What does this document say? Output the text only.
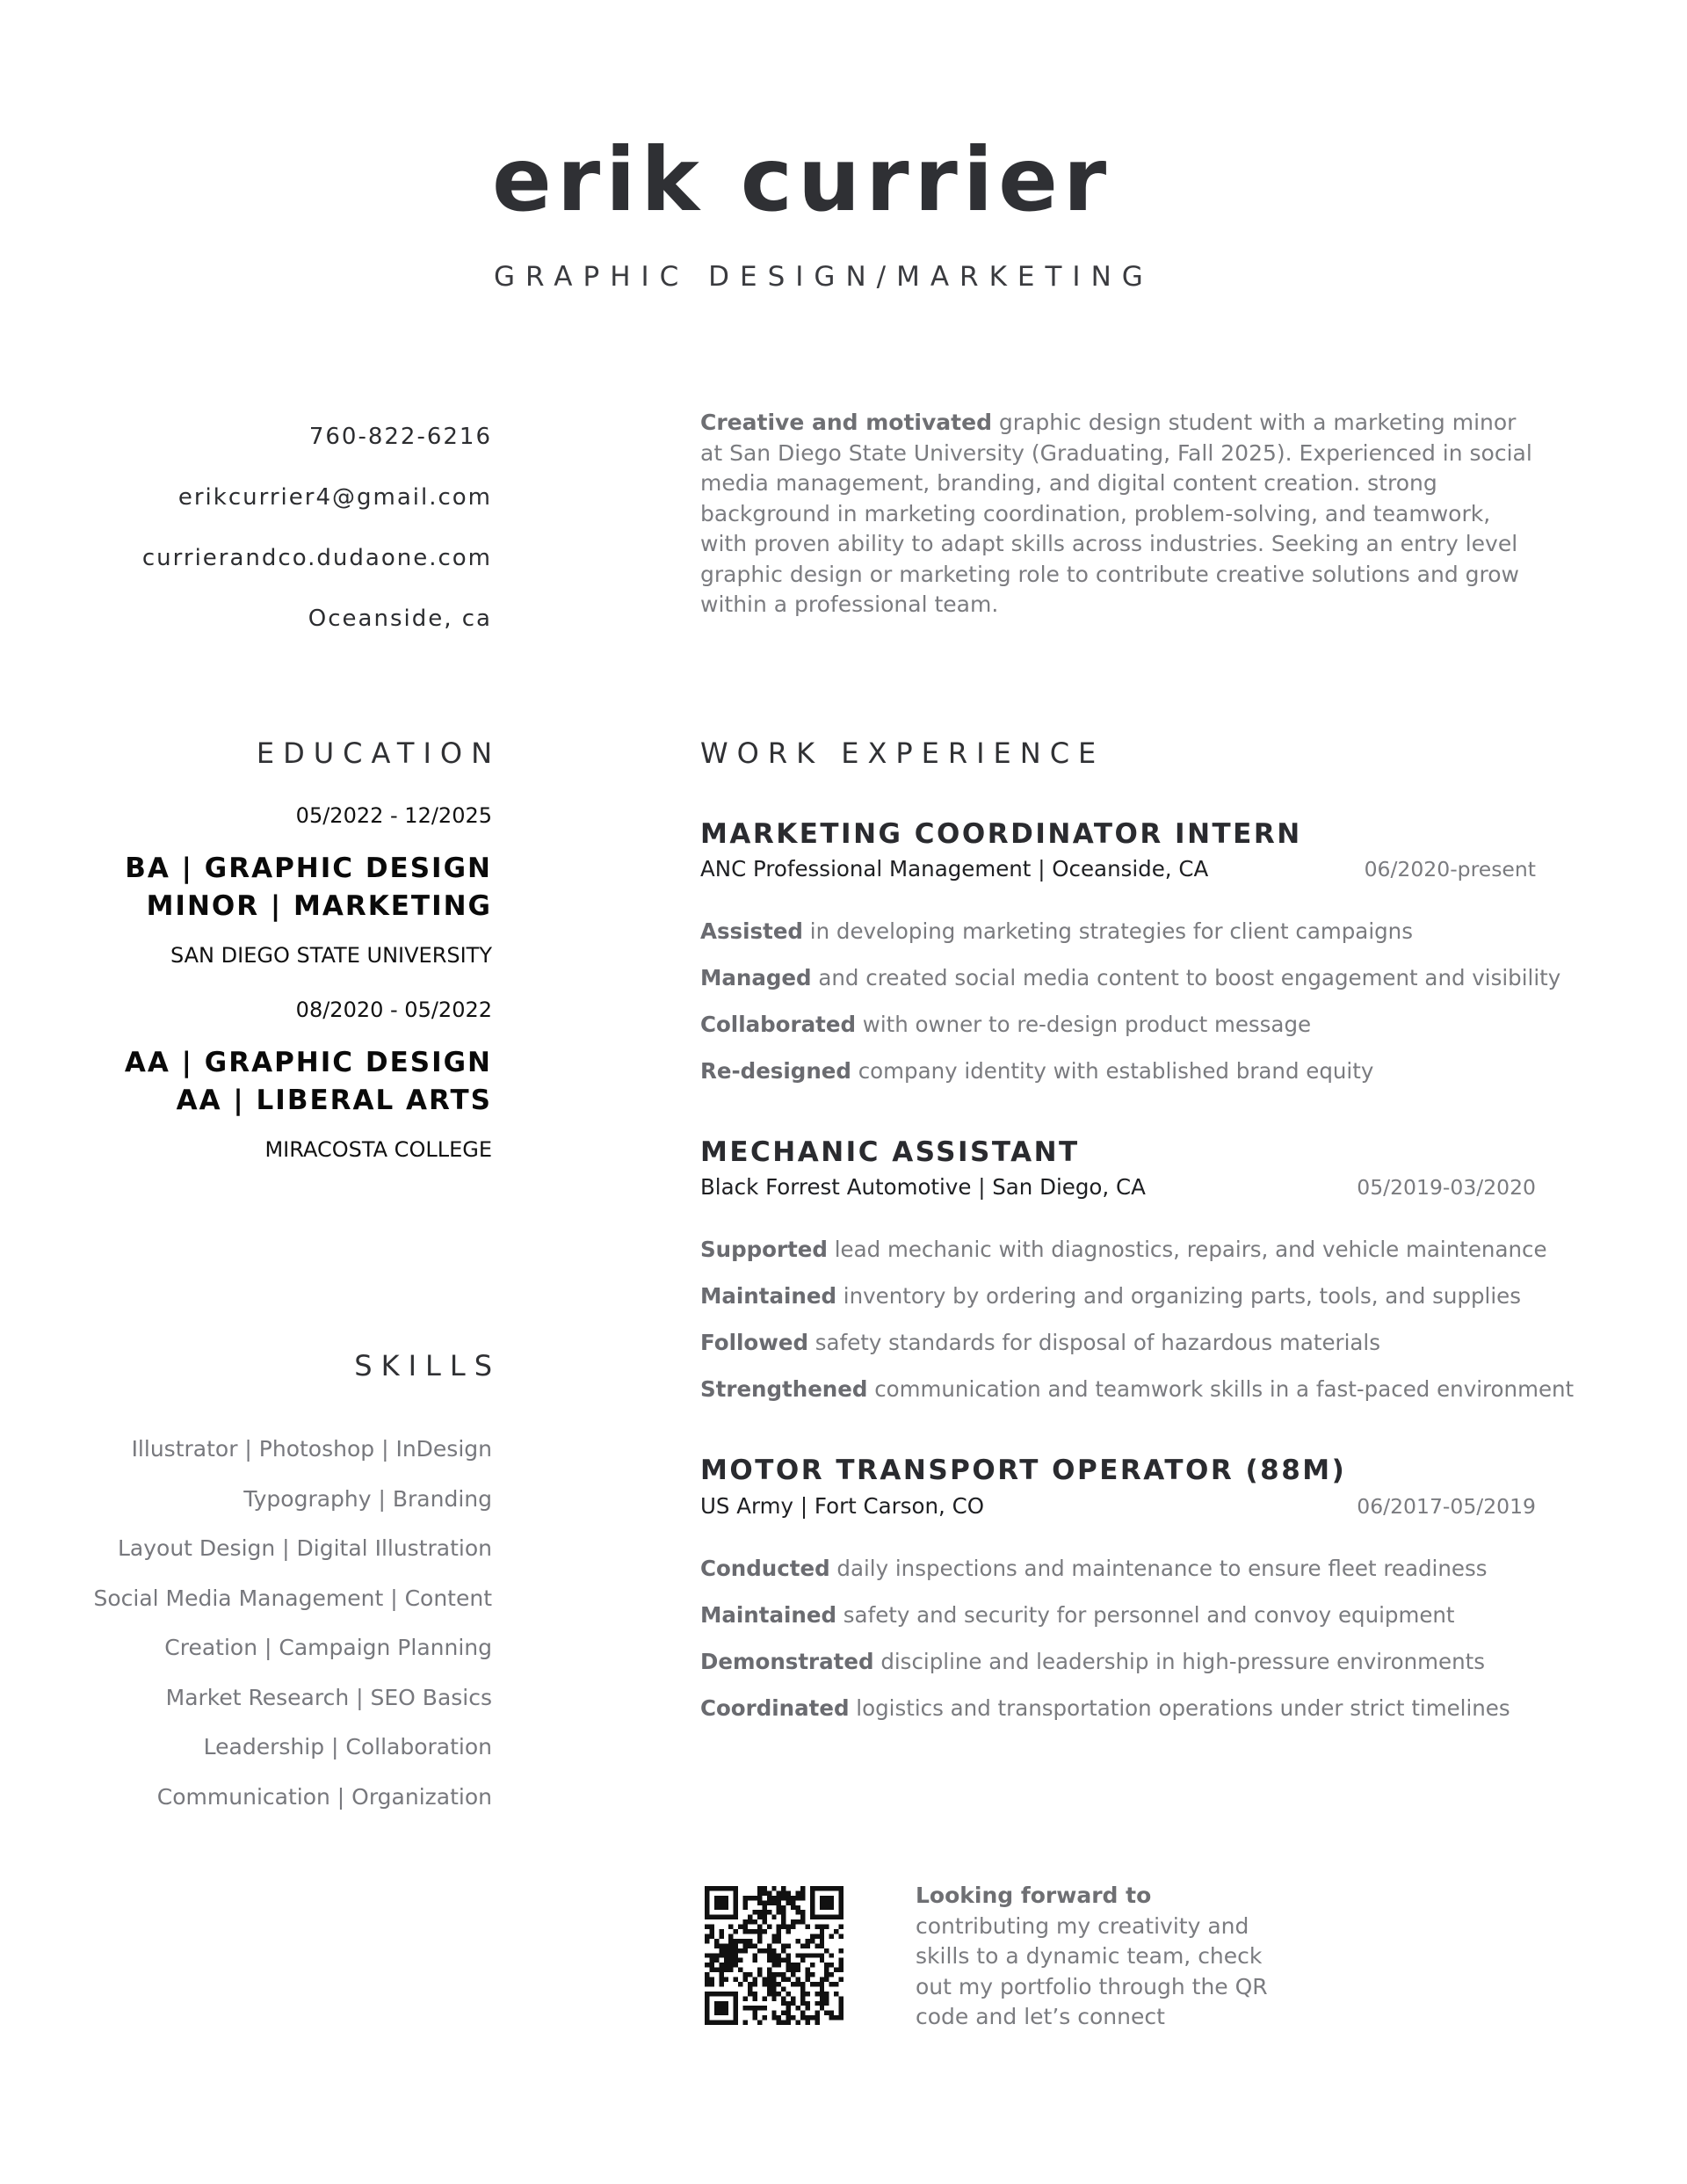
erik currier
GRAPHIC DESIGN/MARKETING
760-822-6216
erikcurrier4@gmail.com
currierandco.dudaone.com
Oceanside, ca
Creative and motivated graphic design student with a marketing minor at San Diego State University (Graduating, Fall 2025). Experienced in social media management, branding, and digital content creation. strong background in marketing coordination, problem-solving, and teamwork, with proven ability to adapt skills across industries. Seeking an entry level graphic design or marketing role to contribute creative solutions and grow within a professional team.
EDUCATION
05/2022 - 12/2025
BA | GRAPHIC DESIGN
MINOR | MARKETING
SAN DIEGO STATE UNIVERSITY
08/2020 - 05/2022
AA | GRAPHIC DESIGN
AA | LIBERAL ARTS
MIRACOSTA COLLEGE
SKILLS
Illustrator | Photoshop | InDesign
Typography | Branding
Layout Design | Digital Illustration
Social Media Management | Content
Creation | Campaign Planning
Market Research | SEO Basics
Leadership | Collaboration
Communication | Organization
WORK EXPERIENCE
MARKETING COORDINATOR INTERN
ANC Professional Management | Oceanside, CA	06/2020-present
Assisted in developing marketing strategies for client campaigns
Managed and created social media content to boost engagement and visibility
Collaborated with owner to re-design product message
Re-designed company identity with established brand equity
MECHANIC ASSISTANT
Black Forrest Automotive | San Diego, CA	05/2019-03/2020
Supported lead mechanic with diagnostics, repairs, and vehicle maintenance
Maintained inventory by ordering and organizing parts, tools, and supplies
Followed safety standards for disposal of hazardous materials
Strengthened communication and teamwork skills in a fast-paced environment
MOTOR TRANSPORT OPERATOR (88M)
US Army | Fort Carson, CO	06/2017-05/2019
Conducted daily inspections and maintenance to ensure fleet readiness
Maintained safety and security for personnel and convoy equipment
Demonstrated discipline and leadership in high-pressure environments
Coordinated logistics and transportation operations under strict timelines
Looking forward to
contributing my creativity and skills to a dynamic team, check out my portfolio through the QR code and let’s connect
